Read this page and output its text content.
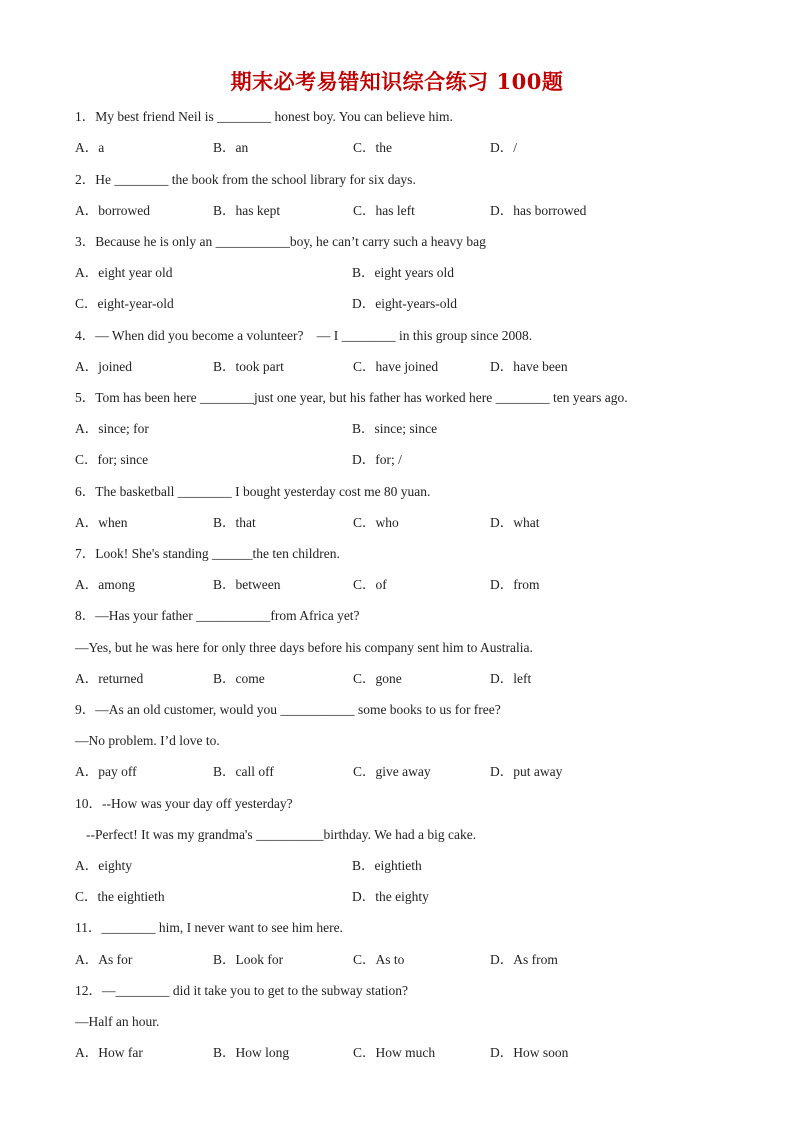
期末必考易错知识综合练习 100题
1．My best friend Neil is ________ honest boy. You can believe him.
A．a	B．an	C．the	D．/
2．He ________ the book from the school library for six days.
A．borrowed	B．has kept	C．has left	D．has borrowed
3．Because he is only an ___________boy, he can’t carry such a heavy bag
A．eight year old	B．eight years old
C．eight-year-old	D．eight-years-old
4．— When did you become a volunteer?　— I ________ in this group since 2008.
A．joined	B．took part	C．have joined	D．have been
5．Tom has been here ________just one year, but his father has worked here ________ ten years ago.
A．since; for	B．since; since
C．for; since	D．for; /
6．The basketball ________ I bought yesterday cost me 80 yuan.
A．when	B．that	C．who	D．what
7．Look! She's standing ______the ten children.
A．among	B．between	C．of	D．from
8．—Has your father ___________from Africa yet?
—Yes, but he was here for only three days before his company sent him to Australia.
A．returned	B．come	C．gone	D．left
9．—As an old customer, would you ___________ some books to us for free?
—No problem. I’d love to.
A．pay off	B．call off	C．give away	D．put away
10．--How was your day off yesterday?
--Perfect! It was my grandma's __________birthday. We had a big cake.
A．eighty	B．eightieth
C．the eightieth	D．the eighty
11．________ him, I never want to see him here.
A．As for	B．Look for	C．As to	D．As from
12．—________ did it take you to get to the subway station?
—Half an hour.
A．How far	B．How long	C．How much	D．How soon
